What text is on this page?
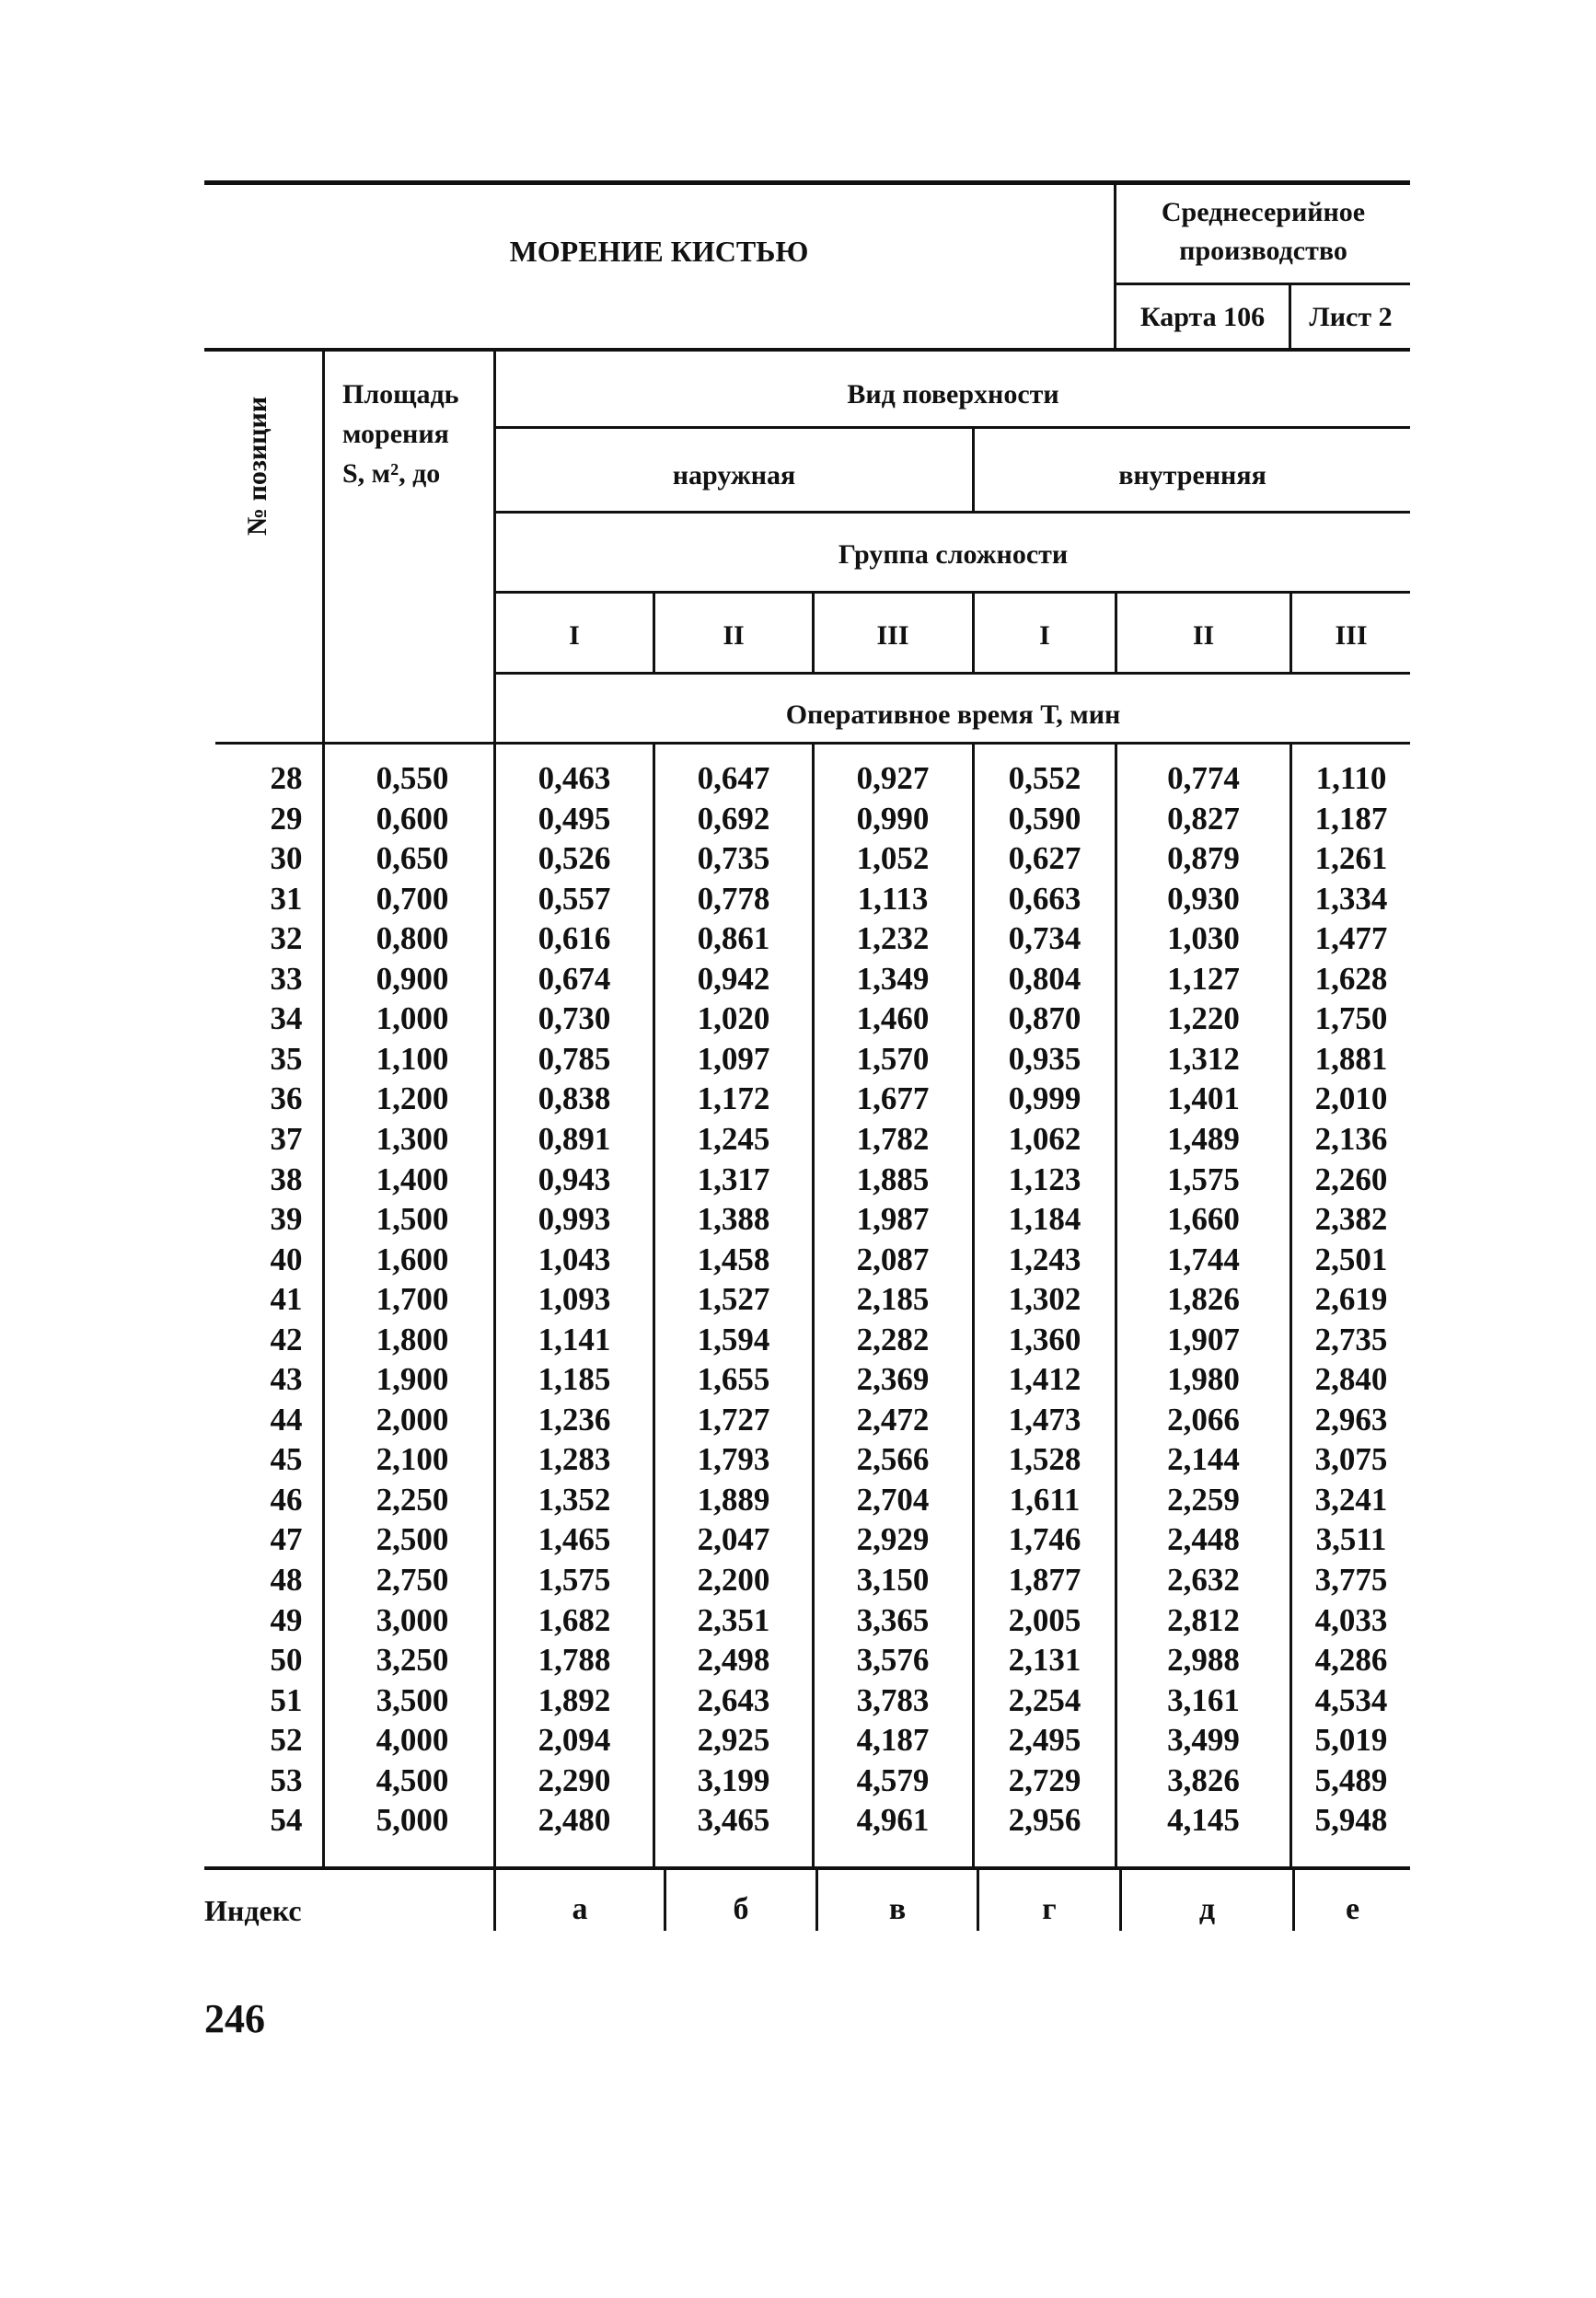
МОРЕНИЕ КИСТЬЮ
Среднесерийное
производство
Карта 106	Лист 2
№ позиции
Площадь
морения
S, м², до
Вид поверхности
наружная	внутренняя
Группа сложности
I	II	III	I	II	III
Оперативное время Т, мин
28	0,550	0,463	0,647	0,927	0,552	0,774	1,110
29	0,600	0,495	0,692	0,990	0,590	0,827	1,187
30	0,650	0,526	0,735	1,052	0,627	0,879	1,261
31	0,700	0,557	0,778	1,113	0,663	0,930	1,334
32	0,800	0,616	0,861	1,232	0,734	1,030	1,477
33	0,900	0,674	0,942	1,349	0,804	1,127	1,628
34	1,000	0,730	1,020	1,460	0,870	1,220	1,750
35	1,100	0,785	1,097	1,570	0,935	1,312	1,881
36	1,200	0,838	1,172	1,677	0,999	1,401	2,010
37	1,300	0,891	1,245	1,782	1,062	1,489	2,136
38	1,400	0,943	1,317	1,885	1,123	1,575	2,260
39	1,500	0,993	1,388	1,987	1,184	1,660	2,382
40	1,600	1,043	1,458	2,087	1,243	1,744	2,501
41	1,700	1,093	1,527	2,185	1,302	1,826	2,619
42	1,800	1,141	1,594	2,282	1,360	1,907	2,735
43	1,900	1,185	1,655	2,369	1,412	1,980	2,840
44	2,000	1,236	1,727	2,472	1,473	2,066	2,963
45	2,100	1,283	1,793	2,566	1,528	2,144	3,075
46	2,250	1,352	1,889	2,704	1,611	2,259	3,241
47	2,500	1,465	2,047	2,929	1,746	2,448	3,511
48	2,750	1,575	2,200	3,150	1,877	2,632	3,775
49	3,000	1,682	2,351	3,365	2,005	2,812	4,033
50	3,250	1,788	2,498	3,576	2,131	2,988	4,286
51	3,500	1,892	2,643	3,783	2,254	3,161	4,534
52	4,000	2,094	2,925	4,187	2,495	3,499	5,019
53	4,500	2,290	3,199	4,579	2,729	3,826	5,489
54	5,000	2,480	3,465	4,961	2,956	4,145	5,948
Индекс	а	б	в	г	д	е
246
